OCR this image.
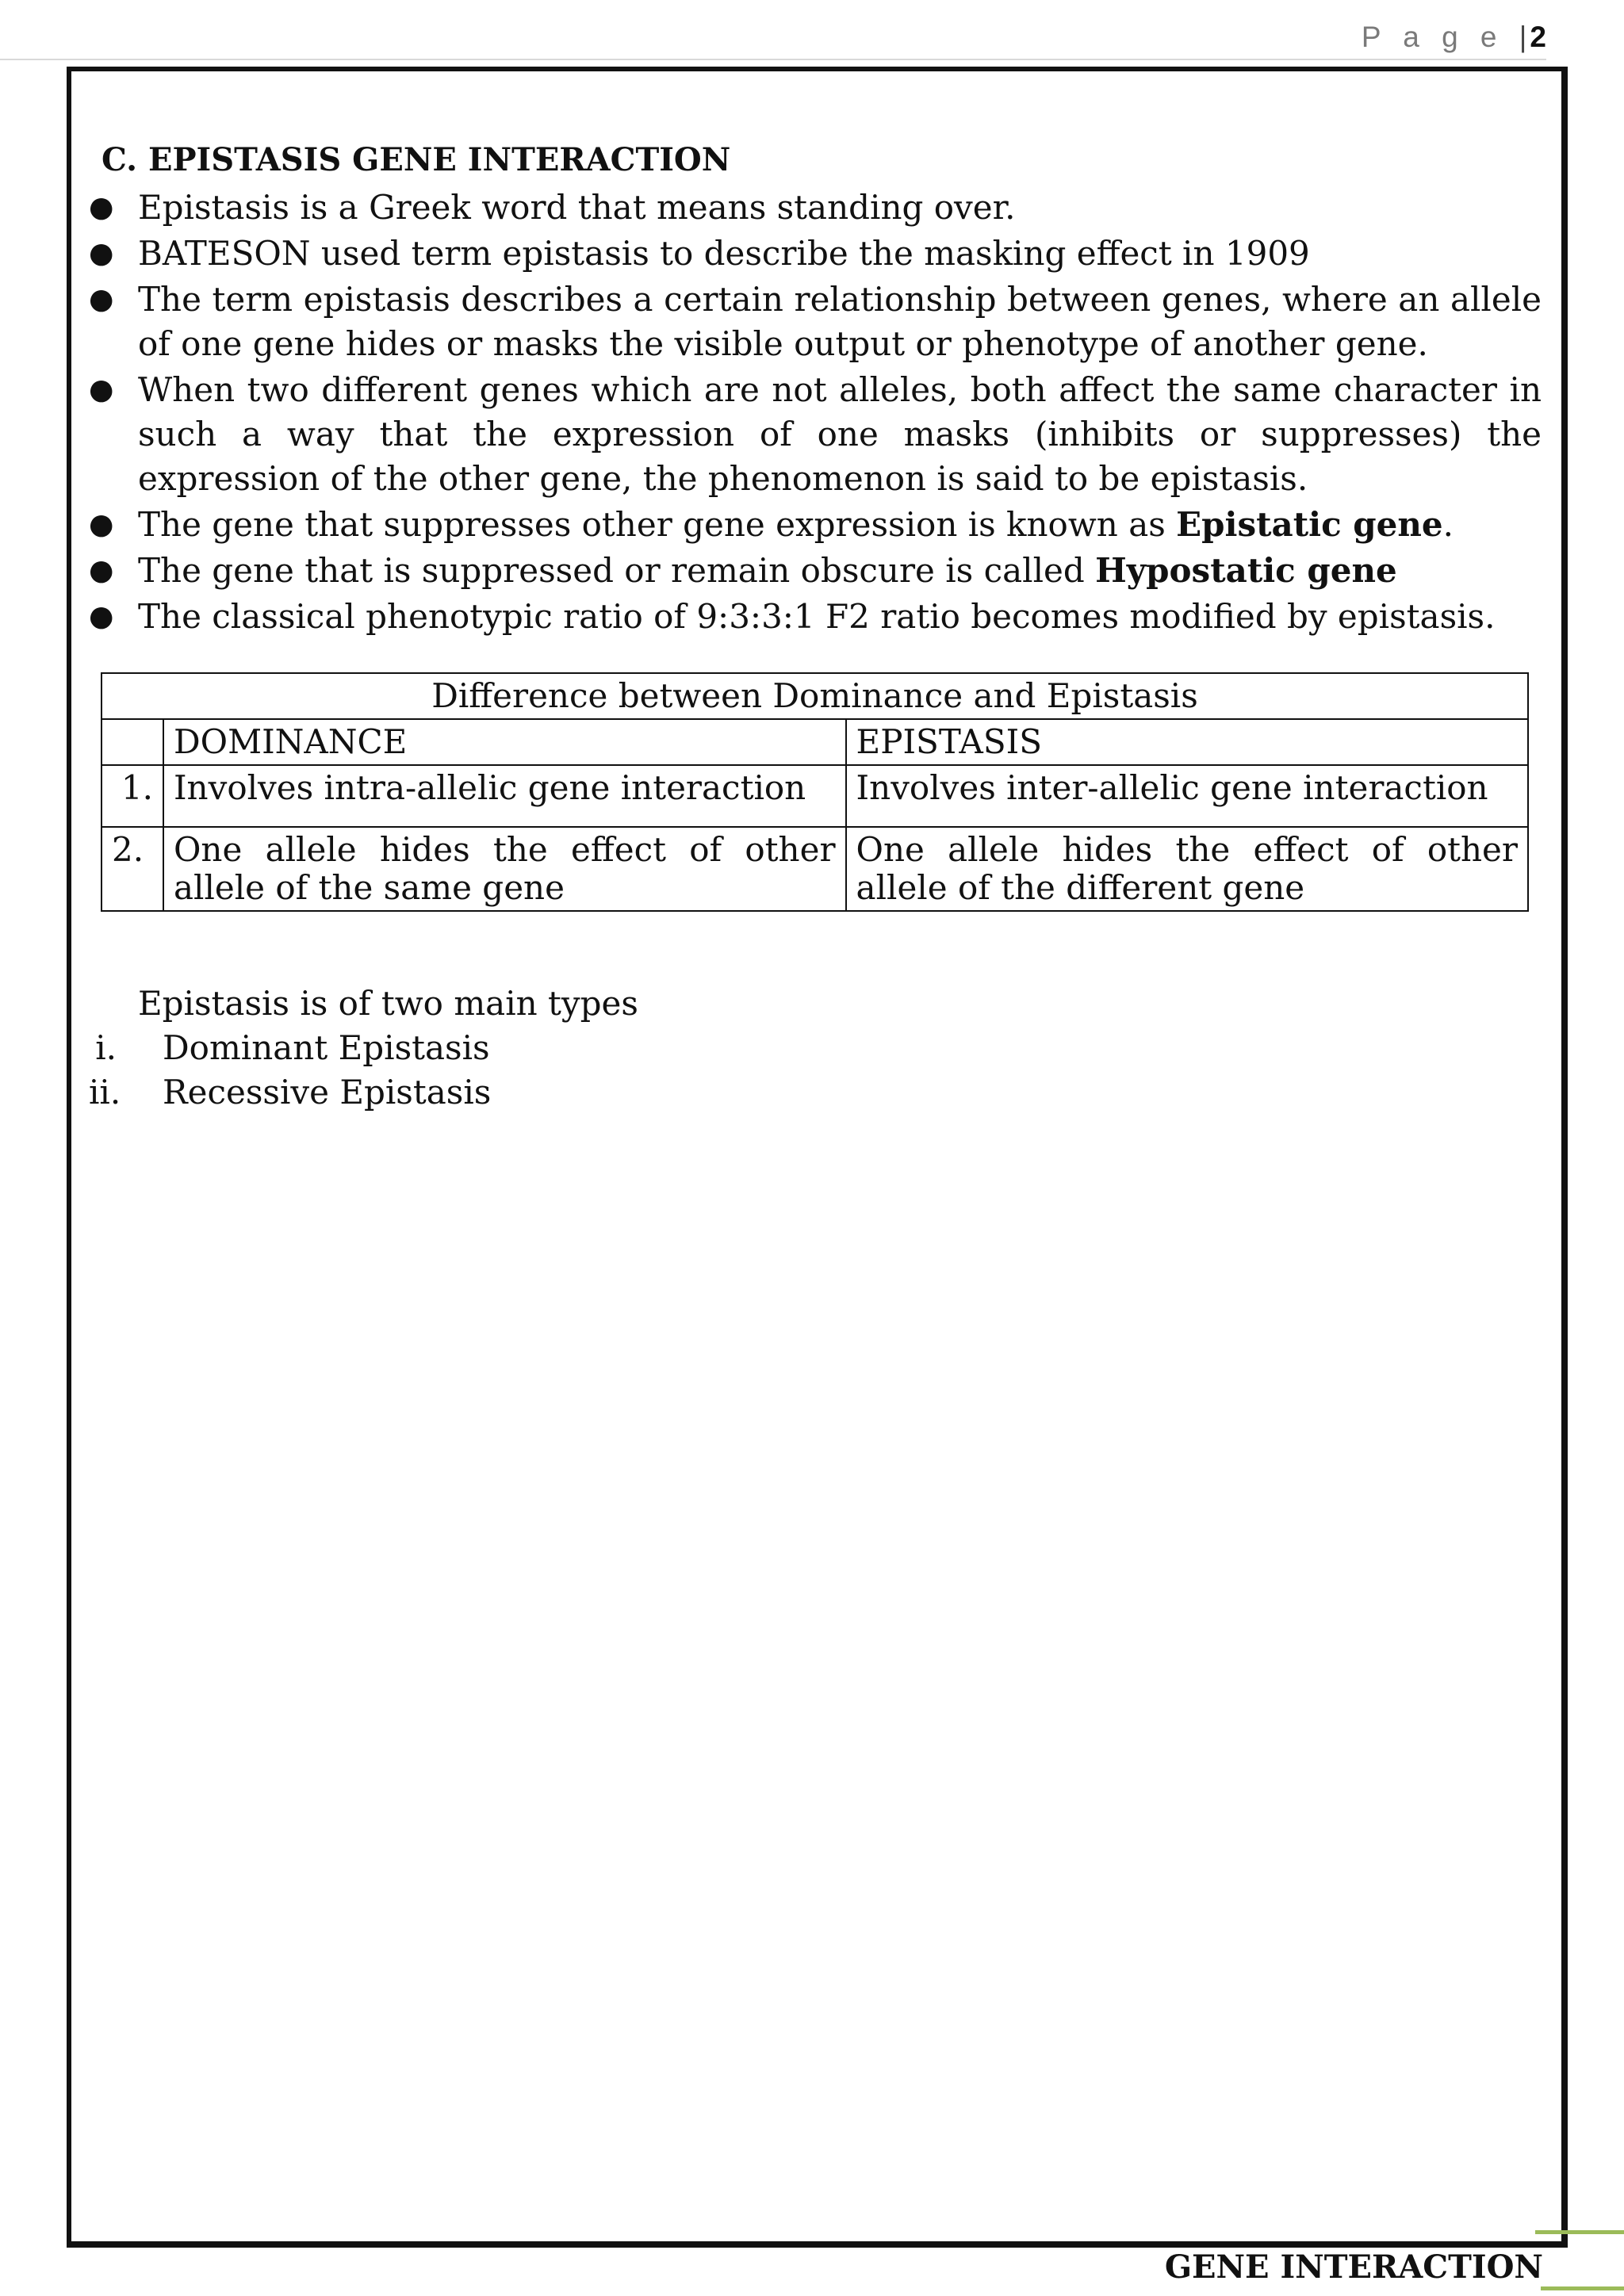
P a g e |2
C. EPISTASIS GENE INTERACTION
● Epistasis is a Greek word that means standing over.
● BATESON used term epistasis to describe the masking effect in 1909
● The term epistasis describes a certain relationship between genes, where an allele of one gene hides or masks the visible output or phenotype of another gene.
● When two different genes which are not alleles, both affect the same character in such a way that the expression of one masks (inhibits or suppresses) the expression of the other gene, the phenomenon is said to be epistasis.
● The gene that suppresses other gene expression is known as Epistatic gene.
● The gene that is suppressed or remain obscure is called Hypostatic gene
● The classical phenotypic ratio of 9:3:3:1 F2 ratio becomes modified by epistasis.
Difference between Dominance and Epistasis		
	DOMINANCE	EPISTASIS
1.	Involves intra-allelic gene interaction	Involves inter-allelic gene interaction
2.	One allele hides the effect of other allele of the same gene	One allele hides the effect of other allele of the different gene
Epistasis is of two main types
i. Dominant Epistasis
ii. Recessive Epistasis
GENE INTERACTION
